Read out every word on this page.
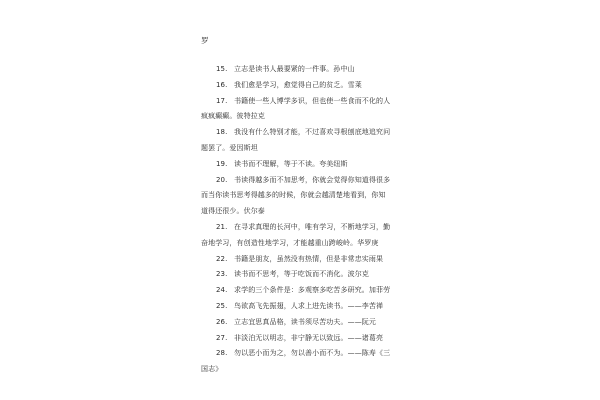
罗
15. 立志是读书人最要紧的一件事。孙中山
16. 我们愈是学习，愈觉得自己的贫乏。雪莱
17. 书籍使一些人博学多识，但也使一些食而不化的人
疯疯癫癫。彼特拉克
18. 我没有什么特别才能，不过喜欢寻根刨底地追究问
题罢了。爱因斯坦
19. 读书而不理解，等于不读。夸美纽斯
20. 书读得越多而不加思考，你就会觉得你知道得很多
而当你读书思考得越多的时候，你就会越清楚地看到，你知
道得还很少。伏尔泰
21. 在寻求真理的长河中，唯有学习，不断地学习，勤
奋地学习，有创造性地学习，才能越重山跨峻岭。华罗庚
22. 书籍是朋友，虽然没有热情，但是非常忠实雨果
23. 读书而不思考，等于吃饭而不消化。波尔克
24. 求学的三个条件是：多观察多吃苦多研究。加菲劳
25. 鸟欲高飞先振翅，人求上进先读书。——李苦禅
26. 立志宜思真品格，读书须尽苦功夫。——阮元
27. 非淡泊无以明志，非宁静无以致远。——诸葛亮
28. 勿以恶小而为之，勿以善小而不为。——陈寿《三
国志》
